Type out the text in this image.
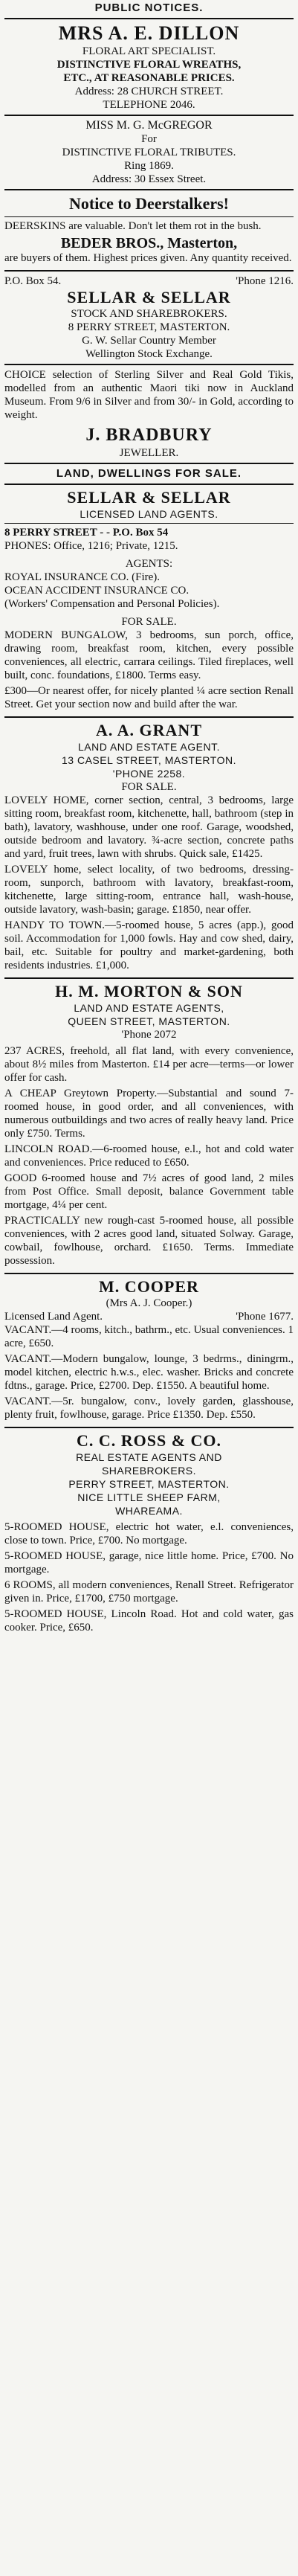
PUBLIC NOTICES.
MRS A. E. DILLON
FLORAL ART SPECIALIST.
DISTINCTIVE FLORAL WREATHS,
ETC., AT REASONABLE PRICES.
Address: 28 CHURCH STREET.
TELEPHONE 2046.
MISS M. G. McGREGOR
For
DISTINCTIVE FLORAL TRIBUTES.
Ring 1869.
Address: 30 Essex Street.
Notice to Deerstalkers!
DEERSKINS are valuable. Don't let them rot in the bush.
BEDER BROS., Masterton,
are buyers of them. Highest prices given. Any quantity received.
P.O. Box 54.	'Phone 1216.
SELLAR & SELLAR
STOCK AND SHAREBROKERS.
8 PERRY STREET, MASTERTON.
G. W. Sellar Country Member
Wellington Stock Exchange.
CHOICE selection of Sterling Silver and Real Gold Tikis, modelled from an authentic Maori tiki now in Auckland Museum. From 9/6 in Silver and from 30/- in Gold, according to weight.
J. BRADBURY
JEWELLER.
LAND, DWELLINGS FOR SALE.
SELLAR & SELLAR
LICENSED LAND AGENTS.
8 PERRY STREET - - P.O. Box 54
PHONES: Office, 1216; Private, 1215.
AGENTS:
ROYAL INSURANCE CO. (Fire).
OCEAN ACCIDENT INSURANCE CO.
(Workers' Compensation and Personal Policies).
FOR SALE.
MODERN BUNGALOW, 3 bedrooms, sun porch, office, drawing room, breakfast room, kitchen, every possible conveniences, all electric, carrara ceilings. Tiled fireplaces, well built, conc. foundations, £1800. Terms easy.
£300—Or nearest offer, for nicely planted ¼ acre section Renall Street. Get your section now and build after the war.
A. A. GRANT
LAND AND ESTATE AGENT.
13 CASEL STREET, MASTERTON.
'PHONE 2258.
FOR SALE.
LOVELY HOME, corner section, central, 3 bedrooms, large sitting room, breakfast room, kitchenette, hall, bathroom (step in bath), lavatory, washhouse, under one roof. Garage, woodshed, outside bedroom and lavatory. ¾-acre section, concrete paths and yard, fruit trees, lawn with shrubs. Quick sale, £1425.
LOVELY home, select locality, of two bedrooms, dressing-room, sunporch, bathroom with lavatory, breakfast-room, kitchenette, large sitting-room, entrance hall, wash-house, outside lavatory, wash-basin; garage. £1850, near offer.
HANDY TO TOWN.—5-roomed house, 5 acres (app.), good soil. Accommodation for 1,000 fowls. Hay and cow shed, dairy, bail, etc. Suitable for poultry and market-gardening, both residents industries. £1,000.
H. M. MORTON & SON
LAND AND ESTATE AGENTS,
QUEEN STREET, MASTERTON.
'Phone 2072
237 ACRES, freehold, all flat land, with every convenience, about 8½ miles from Masterton. £14 per acre—terms—or lower offer for cash.
A CHEAP Greytown Property.—Substantial and sound 7-roomed house, in good order, and all conveniences, with numerous outbuildings and two acres of really heavy land. Price only £750. Terms.
LINCOLN ROAD.—6-roomed house, e.l., hot and cold water and conveniences. Price reduced to £650.
GOOD 6-roomed house and 7½ acres of good land, 2 miles from Post Office. Small deposit, balance Government table mortgage, 4¼ per cent.
PRACTICALLY new rough-cast 5-roomed house, all possible conveniences, with 2 acres good land, situated Solway. Garage, cowbail, fowlhouse, orchard. £1650. Terms. Immediate possession.
M. COOPER
(Mrs A. J. Cooper.)
Licensed Land Agent.	'Phone 1677.
VACANT.—4 rooms, kitch., bathrm., etc. Usual conveniences. 1 acre, £650.
VACANT.—Modern bungalow, lounge, 3 bedrms., diningrm., model kitchen, electric h.w.s., elec. washer. Bricks and concrete fdtns., garage. Price, £2700. Dep. £1550. A beautiful home.
VACANT.—5r. bungalow, conv., lovely garden, glasshouse, plenty fruit, fowlhouse, garage. Price £1350. Dep. £550.
C. C. ROSS & CO.
REAL ESTATE AGENTS AND
SHAREBROKERS.
PERRY STREET, MASTERTON.
NICE LITTLE SHEEP FARM,
WHAREAMA.
5-ROOMED HOUSE, electric hot water, e.l. conveniences, close to town. Price, £700. No mortgage.
5-ROOMED HOUSE, garage, nice little home. Price, £700. No mortgage.
6 ROOMS, all modern conveniences, Renall Street. Refrigerator given in. Price, £1700, £750 mortgage.
5-ROOMED HOUSE, Lincoln Road. Hot and cold water, gas cooker. Price, £650.
